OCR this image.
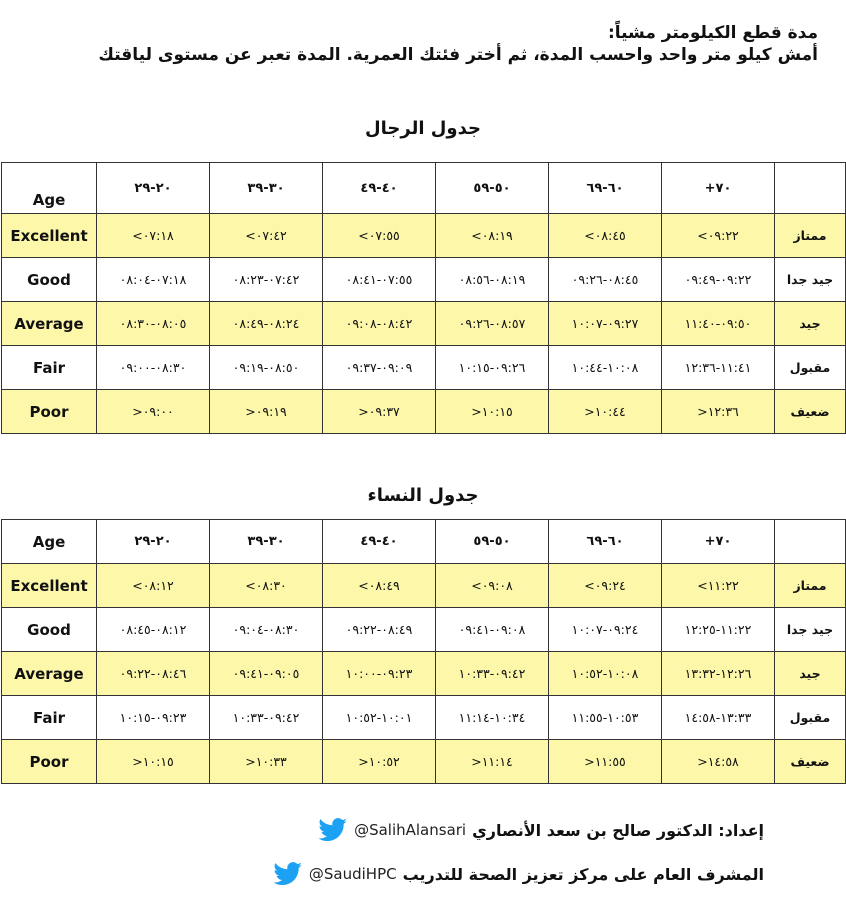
مدة قطع الكيلومتر مشياً:
أمش كيلو متر واحد واحسب المدة، ثم أختر فئتك العمرية. المدة تعبر عن مستوى لياقتك
جدول الرجال
Age	٢٠-٢٩	٣٠-٣٩	٤٠-٤٩	٥٠-٥٩	٦٠-٦٩	+٧٠	
Excellent	<٠٧:١٨	<٠٧:٤٢	<٠٧:٥٥	<٠٨:١٩	<٠٨:٤٥	<٠٩:٢٢	ممتاز
Good	٠٧:١٨-٠٨:٠٤	٠٧:٤٢-٠٨:٢٣	٠٧:٥٥-٠٨:٤١	٠٨:١٩-٠٨:٥٦	٠٨:٤٥-٠٩:٢٦	٠٩:٢٢-٠٩:٤٩	جيد جدا
Average	٠٨:٠٥-٠٨:٣٠	٠٨:٢٤-٠٨:٤٩	٠٨:٤٢-٠٩:٠٨	٠٨:٥٧-٠٩:٢٦	٠٩:٢٧-١٠:٠٧	٠٩:٥٠-١١:٤٠	جيد
Fair	٠٨:٣٠-٠٩:٠٠	٠٨:٥٠-٠٩:١٩	٠٩:٠٩-٠٩:٣٧	٠٩:٢٦-١٠:١٥	١٠:٠٨-١٠:٤٤	١١:٤١-١٢:٣٦	مقبول
Poor	>٠٩:٠٠	>٠٩:١٩	>٠٩:٣٧	>١٠:١٥	>١٠:٤٤	>١٢:٣٦	ضعيف
جدول النساء
Age	٢٠-٢٩	٣٠-٣٩	٤٠-٤٩	٥٠-٥٩	٦٠-٦٩	+٧٠	
Excellent	<٠٨:١٢	<٠٨:٣٠	<٠٨:٤٩	<٠٩:٠٨	<٠٩:٢٤	<١١:٢٢	ممتاز
Good	٠٨:١٢-٠٨:٤٥	٠٨:٣٠-٠٩:٠٤	٠٨:٤٩-٠٩:٢٢	٠٩:٠٨-٠٩:٤١	٠٩:٢٤-١٠:٠٧	١١:٢٢-١٢:٢٥	جيد جدا
Average	٠٨:٤٦-٠٩:٢٢	٠٩:٠٥-٠٩:٤١	٠٩:٢٣-١٠:٠٠	٠٩:٤٢-١٠:٣٣	١٠:٠٨-١٠:٥٢	١٢:٢٦-١٣:٣٢	جيد
Fair	٠٩:٢٣-١٠:١٥	٠٩:٤٢-١٠:٣٣	١٠:٠١-١٠:٥٢	١٠:٣٤-١١:١٤	١٠:٥٣-١١:٥٥	١٣:٣٣-١٤:٥٨	مقبول
Poor	>١٠:١٥	>١٠:٣٣	>١٠:٥٢	>١١:١٤	>١١:٥٥	>١٤:٥٨	ضعيف
إعداد: الدكتور صالح بن سعد الأنصاري
@SalihAlansari
المشرف العام على مركز تعزيز الصحة للتدريب
@SaudiHPC
